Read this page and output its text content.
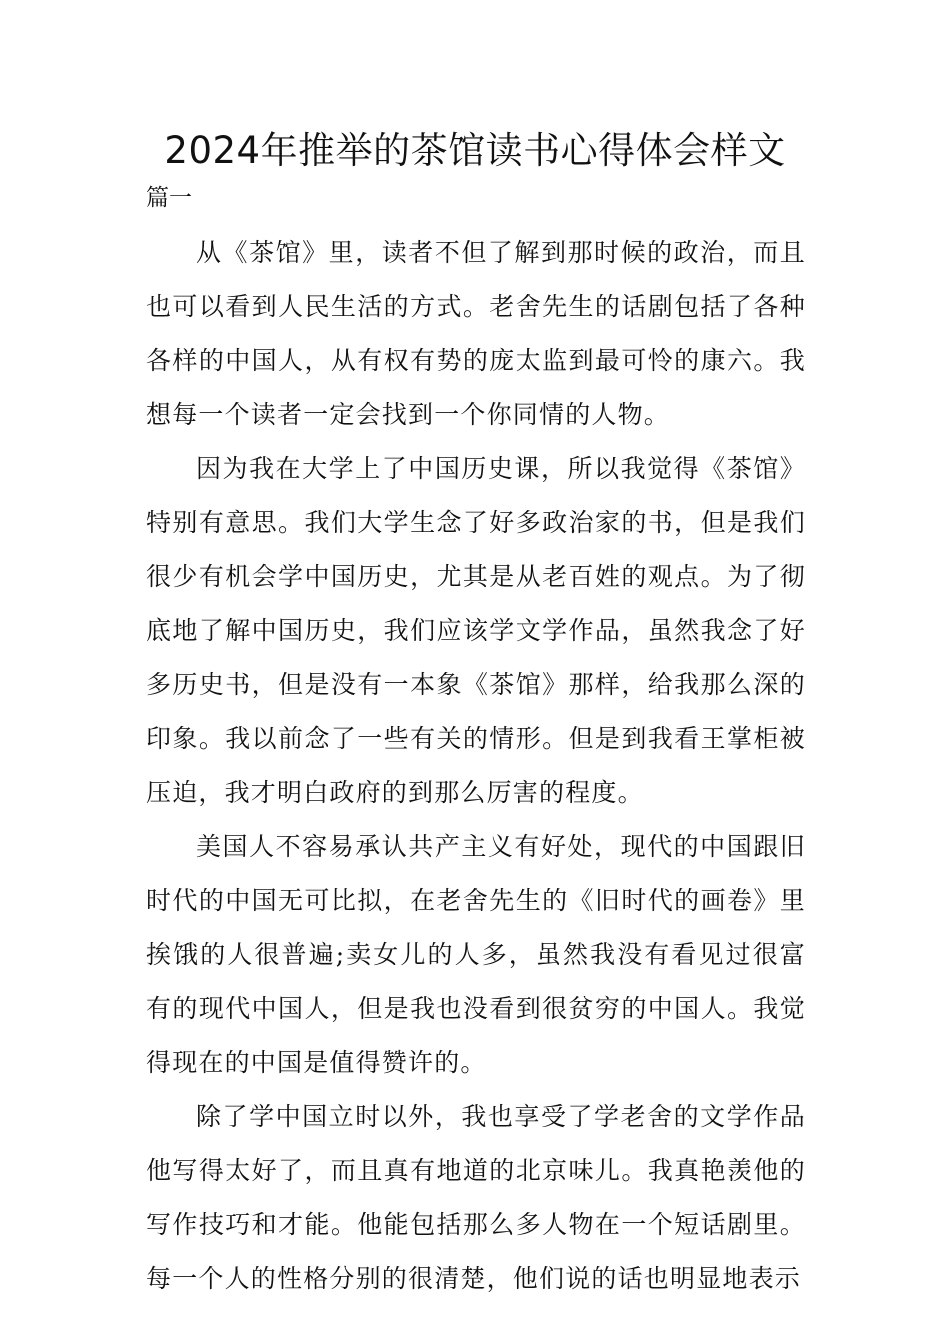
2024年推举的茶馆读书心得体会样文

篇一

从《茶馆》里，读者不但了解到那时候的政治，而且也可以看到人民生活的方式。老舍先生的话剧包括了各种各样的中国人，从有权有势的庞太监到最可怜的康六。我想每一个读者一定会找到一个你同情的人物。

因为我在大学上了中国历史课，所以我觉得《茶馆》特别有意思。我们大学生念了好多政治家的书，但是我们很少有机会学中国历史，尤其是从老百姓的观点。为了彻底地了解中国历史，我们应该学文学作品，虽然我念了好多历史书，但是没有一本象《茶馆》那样，给我那么深的印象。我以前念了一些有关的情形。但是到我看王掌柜被压迫，我才明白政府的到那么厉害的程度。

美国人不容易承认共产主义有好处，现代的中国跟旧时代的中国无可比拟，在老舍先生的《旧时代的画卷》里挨饿的人很普遍;卖女儿的人多，虽然我没有看见过很富有的现代中国人，但是我也没看到很贫穷的中国人。我觉得现在的中国是值得赞许的。

除了学中国立时以外，我也享受了学老舍的文学作品他写得太好了，而且真有地道的北京味儿。我真艳羡他的写作技巧和才能。他能包括那么多人物在一个短话剧里。每一个人的性格分别的很清楚，他们说的话也明显地表示
